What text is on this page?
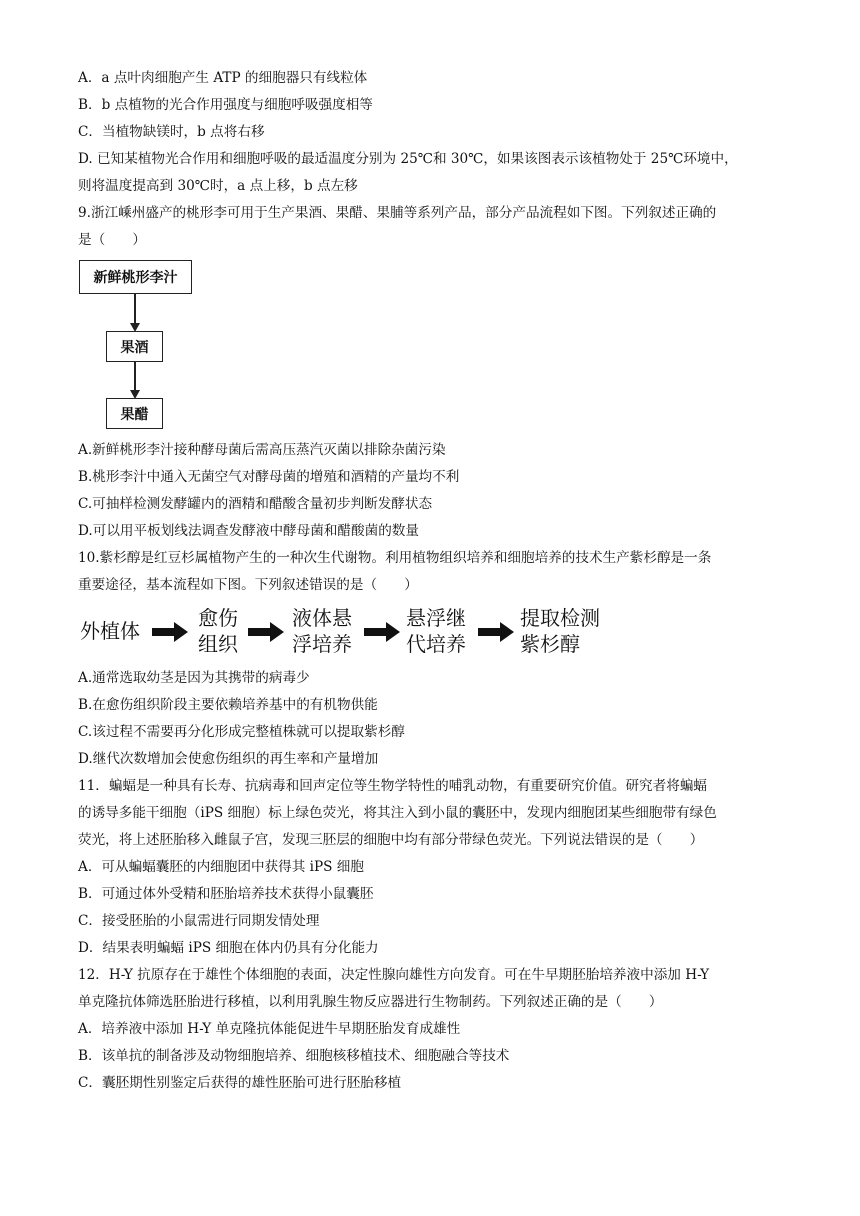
A．a 点叶肉细胞产生 ATP 的细胞器只有线粒体
B．b 点植物的光合作用强度与细胞呼吸强度相等
C．当植物缺镁时，b 点将右移
D. 已知某植物光合作用和细胞呼吸的最适温度分别为 25℃和 30℃，如果该图表示该植物处于 25℃环境中，
则将温度提高到 30℃时，a 点上移，b 点左移
9.浙江嵊州盛产的桃形李可用于生产果酒、果醋、果脯等系列产品，部分产品流程如下图。下列叙述正确的
是（　　）
新鲜桃形李汁
果酒
果醋
A.新鲜桃形李汁接种酵母菌后需高压蒸汽灭菌以排除杂菌污染
B.桃形李汁中通入无菌空气对酵母菌的增殖和酒精的产量均不利
C.可抽样检测发酵罐内的酒精和醋酸含量初步判断发酵状态
D.可以用平板划线法调查发酵液中酵母菌和醋酸菌的数量
10.紫杉醇是红豆杉属植物产生的一种次生代谢物。利用植物组织培养和细胞培养的技术生产紫杉醇是一条
重要途径，基本流程如下图。下列叙述错误的是（　　）
外植体
愈伤
组织
液体悬
浮培养
悬浮继
代培养
提取检测
紫杉醇
A.通常选取幼茎是因为其携带的病毒少
B.在愈伤组织阶段主要依赖培养基中的有机物供能
C.该过程不需要再分化形成完整植株就可以提取紫杉醇
D.继代次数增加会使愈伤组织的再生率和产量增加
11．蝙蝠是一种具有长寿、抗病毒和回声定位等生物学特性的哺乳动物，有重要研究价值。研究者将蝙蝠
的诱导多能干细胞（iPS 细胞）标上绿色荧光，将其注入到小鼠的囊胚中，发现内细胞团某些细胞带有绿色
荧光，将上述胚胎移入雌鼠子宫，发现三胚层的细胞中均有部分带绿色荧光。下列说法错误的是（　　）
A．可从蝙蝠囊胚的内细胞团中获得其 iPS 细胞
B．可通过体外受精和胚胎培养技术获得小鼠囊胚
C．接受胚胎的小鼠需进行同期发情处理
D．结果表明蝙蝠 iPS 细胞在体内仍具有分化能力
12．H-Y 抗原存在于雄性个体细胞的表面，决定性腺向雄性方向发育。可在牛早期胚胎培养液中添加 H-Y
单克隆抗体筛选胚胎进行移植，以利用乳腺生物反应器进行生物制药。下列叙述正确的是（　　）
A．培养液中添加 H-Y 单克隆抗体能促进牛早期胚胎发育成雄性
B．该单抗的制备涉及动物细胞培养、细胞核移植技术、细胞融合等技术
C．囊胚期性别鉴定后获得的雄性胚胎可进行胚胎移植
